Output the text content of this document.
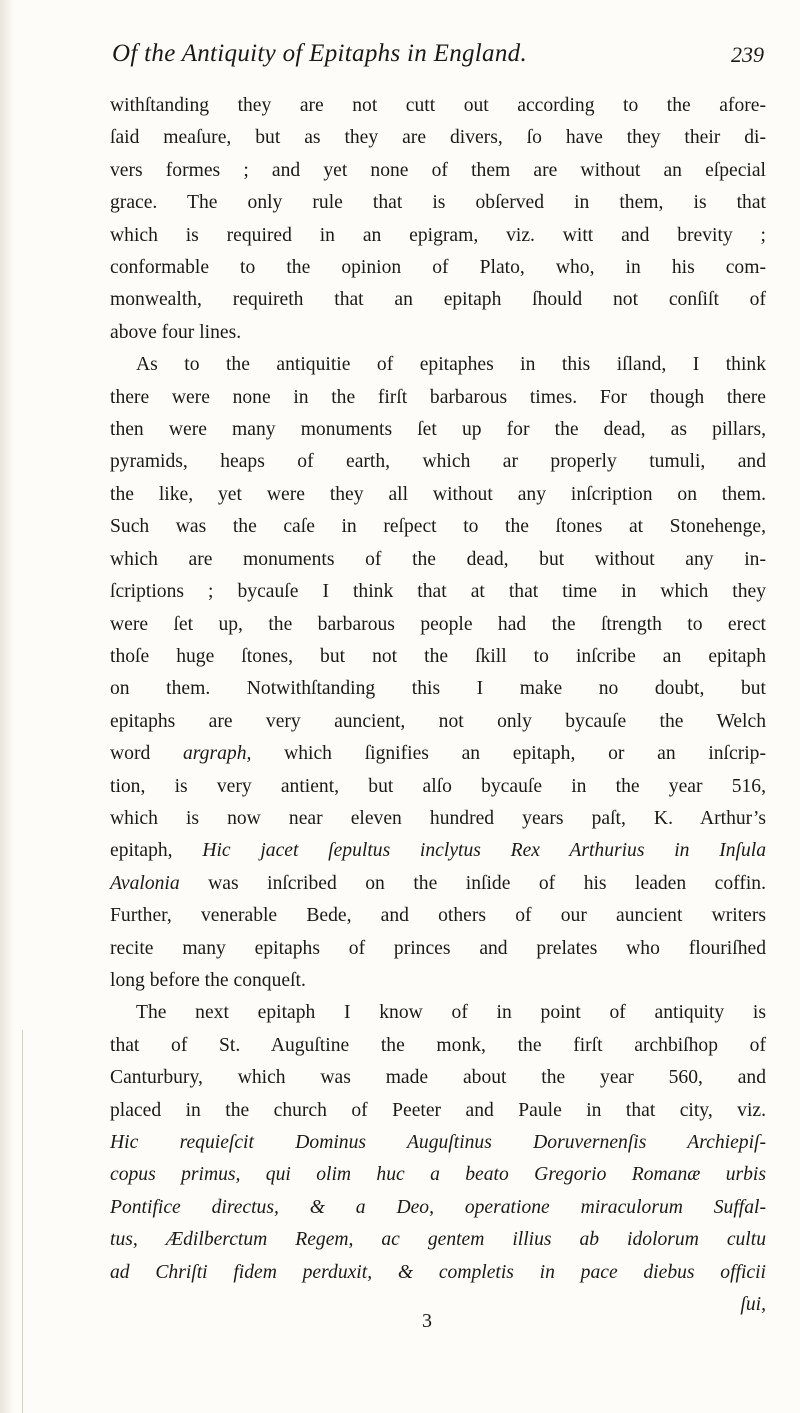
Of the Antiquity of Epitaphs in England.	239
withſtanding they are not cutt out according to the afore-
ſaid meaſure, but as they are divers, ſo have they their di-
vers formes ; and yet none of them are without an eſpecial
grace. The only rule that is obſerved in them, is that
which is required in an epigram, viz. witt and brevity ;
conformable to the opinion of Plato, who, in his com-
monwealth, requireth that an epitaph ſhould not conſiſt of
above four lines.
As to the antiquitie of epitaphes in this iſland, I think
there were none in the firſt barbarous times. For though there
then were many monuments ſet up for the dead, as pillars,
pyramids, heaps of earth, which ar properly tumuli, and
the like, yet were they all without any inſcription on them.
Such was the caſe in reſpect to the ſtones at Stonehenge,
which are monuments of the dead, but without any in-
ſcriptions ; bycauſe I think that at that time in which they
were ſet up, the barbarous people had the ſtrength to erect
thoſe huge ſtones, but not the ſkill to inſcribe an epitaph
on them. Notwithſtanding this I make no doubt, but
epitaphs are very auncient, not only bycauſe the Welch
word argraph, which ſignifies an epitaph, or an inſcrip-
tion, is very antient, but alſo bycauſe in the year 516,
which is now near eleven hundred years paſt, K. Arthur’s
epitaph, Hic jacet ſepultus inclytus Rex Arthurius in Inſula
Avalonia was inſcribed on the inſide of his leaden coffin.
Further, venerable Bede, and others of our auncient writers
recite many epitaphs of princes and prelates who flouriſhed
long before the conqueſt.
The next epitaph I know of in point of antiquity is
that of St. Auguſtine the monk, the firſt archbiſhop of
Canturbury, which was made about the year 560, and
placed in the church of Peeter and Paule in that city, viz.
Hic requieſcit Dominus Auguſtinus Doruvernenſis Archiepiſ-
copus primus, qui olim huc a beato Gregorio Romanæ urbis
Pontifice directus, & a Deo, operatione miraculorum Suffal-
tus, Ædilberctum Regem, ac gentem illius ab idolorum cultu
ad Chriſti fidem perduxit, & completis in pace diebus officii
ſui,
3
